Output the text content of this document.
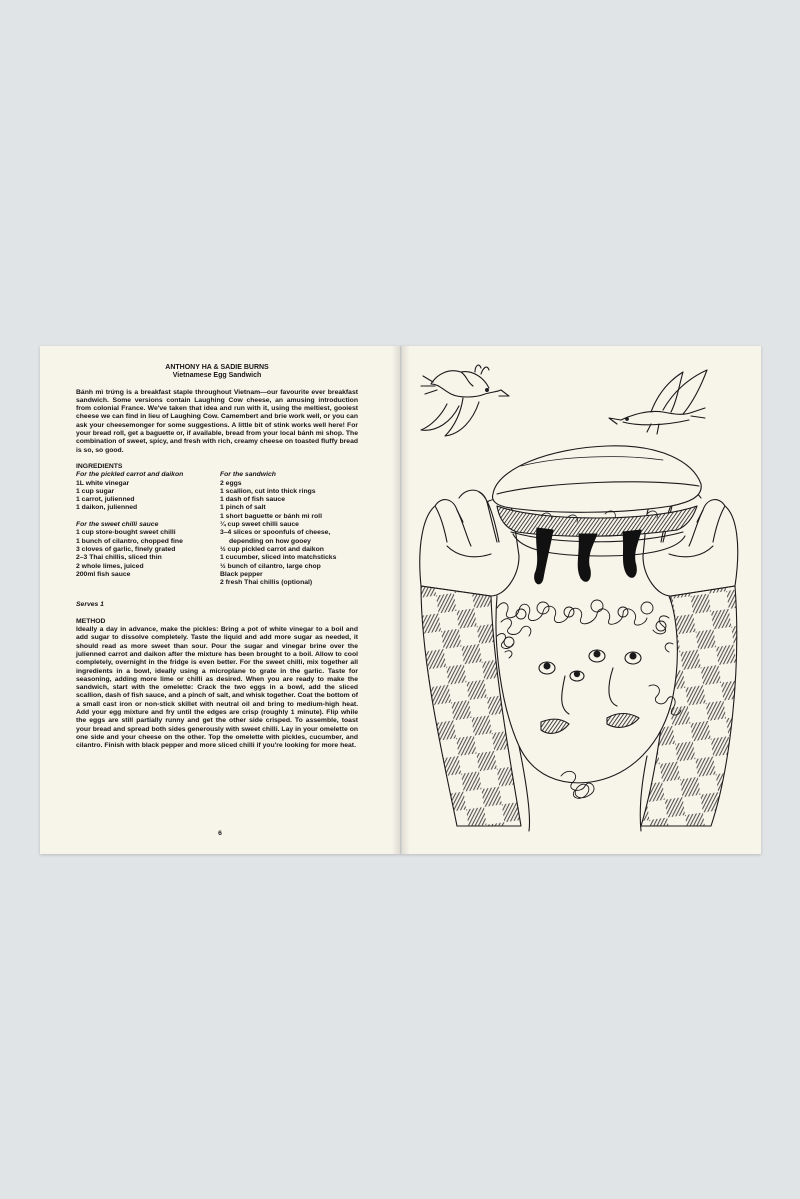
ANTHONY HA & SADIE BURNS
Vietnamese Egg Sandwich

Bánh mì trứng is a breakfast staple throughout Vietnam—our favourite ever breakfast sandwich. Some versions contain Laughing Cow cheese, an amusing introduction from colonial France. We've taken that idea and run with it, using the meltiest, gooiest cheese we can find in lieu of Laughing Cow. Camembert and brie work well, or you can ask your cheesemonger for some suggestions. A little bit of stink works well here! For your bread roll, get a baguette or, if available, bread from your local bánh mì shop. The combination of sweet, spicy, and fresh with rich, creamy cheese on toasted fluffy bread is so, so good.

INGREDIENTS
For the pickled carrot and daikon
1L white vinegar
1 cup sugar
1 carrot, julienned
1 daikon, julienned
For the sweet chilli sauce
1 cup store-bought sweet chilli
1 bunch of cilantro, chopped fine
3 cloves of garlic, finely grated
2–3 Thai chillis, sliced thin
2 whole limes, juiced
200ml fish sauce
For the sandwich
2 eggs
1 scallion, cut into thick rings
1 dash of fish sauce
1 pinch of salt
1 short baguette or bánh mì roll
¼ cup sweet chilli sauce
3–4 slices or spoonfuls of cheese,
depending on how gooey
½ cup pickled carrot and daikon
1 cucumber, sliced into matchsticks
½ bunch of cilantro, large chop
Black pepper
2 fresh Thai chillis (optional)
Serves 1
METHOD

Ideally a day in advance, make the pickles: Bring a pot of white vinegar to a boil and add sugar to dissolve completely. Taste the liquid and add more sugar as needed, it should read as more sweet than sour. Pour the sugar and vinegar brine over the julienned carrot and daikon after the mixture has been brought to a boil. Allow to cool completely, overnight in the fridge is even better. For the sweet chilli, mix together all ingredients in a bowl, ideally using a microplane to grate in the garlic. Taste for seasoning, adding more lime or chilli as desired. When you are ready to make the sandwich, start with the omelette: Crack the two eggs in a bowl, add the sliced scallion, dash of fish sauce, and a pinch of salt, and whisk together. Coat the bottom of a small cast iron or non-stick skillet with neutral oil and bring to medium-high heat. Add your egg mixture and fry until the edges are crisp (roughly 1 minute). Flip while the eggs are still partially runny and get the other side crisped. To assemble, toast your bread and spread both sides generously with sweet chilli. Lay in your omelette on one side and your cheese on the other. Top the omelette with pickles, cucumber, and cilantro. Finish with black pepper and more sliced chilli if you're looking for more heat.

6
